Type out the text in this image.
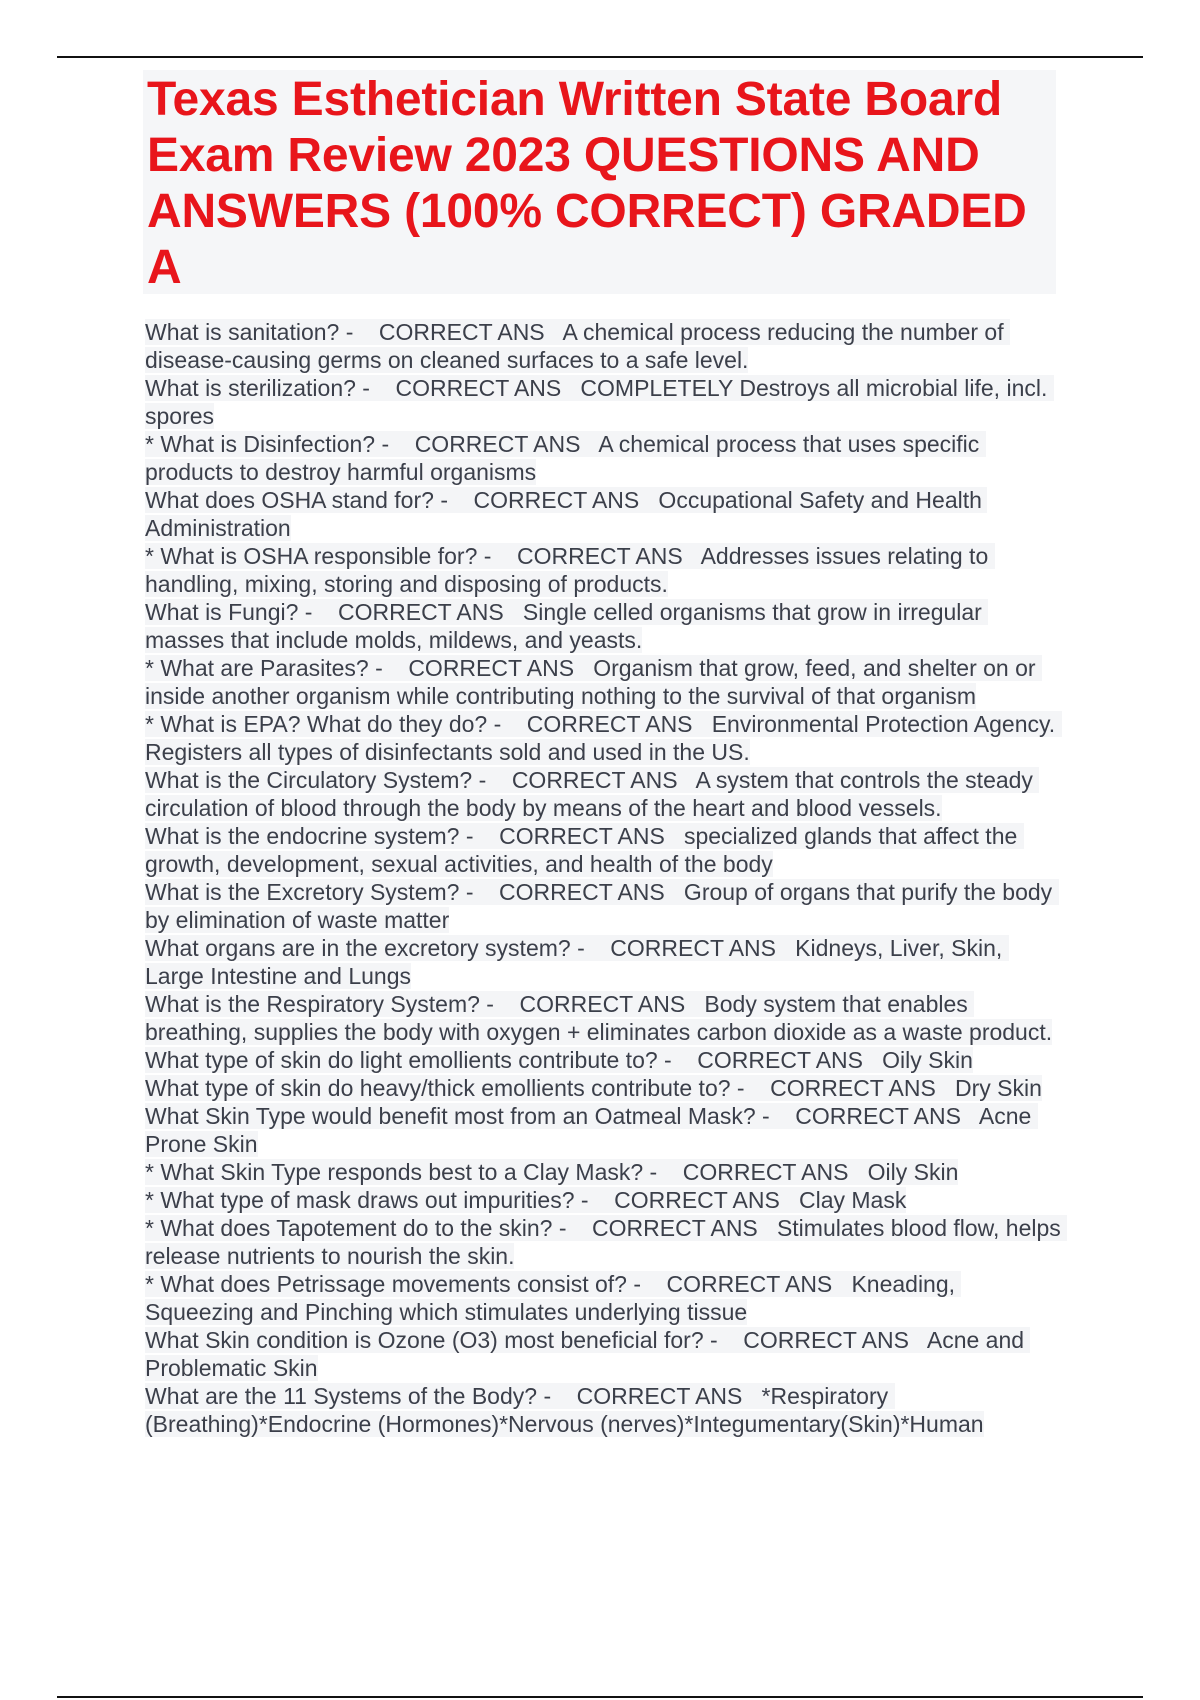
Texas Esthetician Written State Board Exam Review 2023 QUESTIONS AND ANSWERS (100% CORRECT) GRADED A
What is sanitation? -    CORRECT ANS   A chemical process reducing the number of disease-causing germs on cleaned surfaces to a safe level.
What is sterilization? -    CORRECT ANS   COMPLETELY Destroys all microbial life, incl. spores
* What is Disinfection? -    CORRECT ANS   A chemical process that uses specific products to destroy harmful organisms
What does OSHA stand for? -    CORRECT ANS   Occupational Safety and Health Administration
* What is OSHA responsible for? -    CORRECT ANS   Addresses issues relating to handling, mixing, storing and disposing of products.
What is Fungi? -    CORRECT ANS   Single celled organisms that grow in irregular masses that include molds, mildews, and yeasts.
* What are Parasites? -    CORRECT ANS   Organism that grow, feed, and shelter on or inside another organism while contributing nothing to the survival of that organism
* What is EPA? What do they do? -    CORRECT ANS   Environmental Protection Agency. Registers all types of disinfectants sold and used in the US.
What is the Circulatory System? -    CORRECT ANS   A system that controls the steady circulation of blood through the body by means of the heart and blood vessels.
What is the endocrine system? -    CORRECT ANS   specialized glands that affect the growth, development, sexual activities, and health of the body
What is the Excretory System? -    CORRECT ANS   Group of organs that purify the body by elimination of waste matter
What organs are in the excretory system? -    CORRECT ANS   Kidneys, Liver, Skin, Large Intestine and Lungs
What is the Respiratory System? -    CORRECT ANS   Body system that enables breathing, supplies the body with oxygen + eliminates carbon dioxide as a waste product.
What type of skin do light emollients contribute to? -    CORRECT ANS   Oily Skin
What type of skin do heavy/thick emollients contribute to? -    CORRECT ANS   Dry Skin
What Skin Type would benefit most from an Oatmeal Mask? -    CORRECT ANS   Acne Prone Skin
* What Skin Type responds best to a Clay Mask? -    CORRECT ANS   Oily Skin
* What type of mask draws out impurities? -    CORRECT ANS   Clay Mask
* What does Tapotement do to the skin? -    CORRECT ANS   Stimulates blood flow, helps release nutrients to nourish the skin.
* What does Petrissage movements consist of? -    CORRECT ANS   Kneading, Squeezing and Pinching which stimulates underlying tissue
What Skin condition is Ozone (O3) most beneficial for? -    CORRECT ANS   Acne and Problematic Skin
What are the 11 Systems of the Body? -    CORRECT ANS   *Respiratory (Breathing)*Endocrine (Hormones)*Nervous (nerves)*Integumentary(Skin)*Human
